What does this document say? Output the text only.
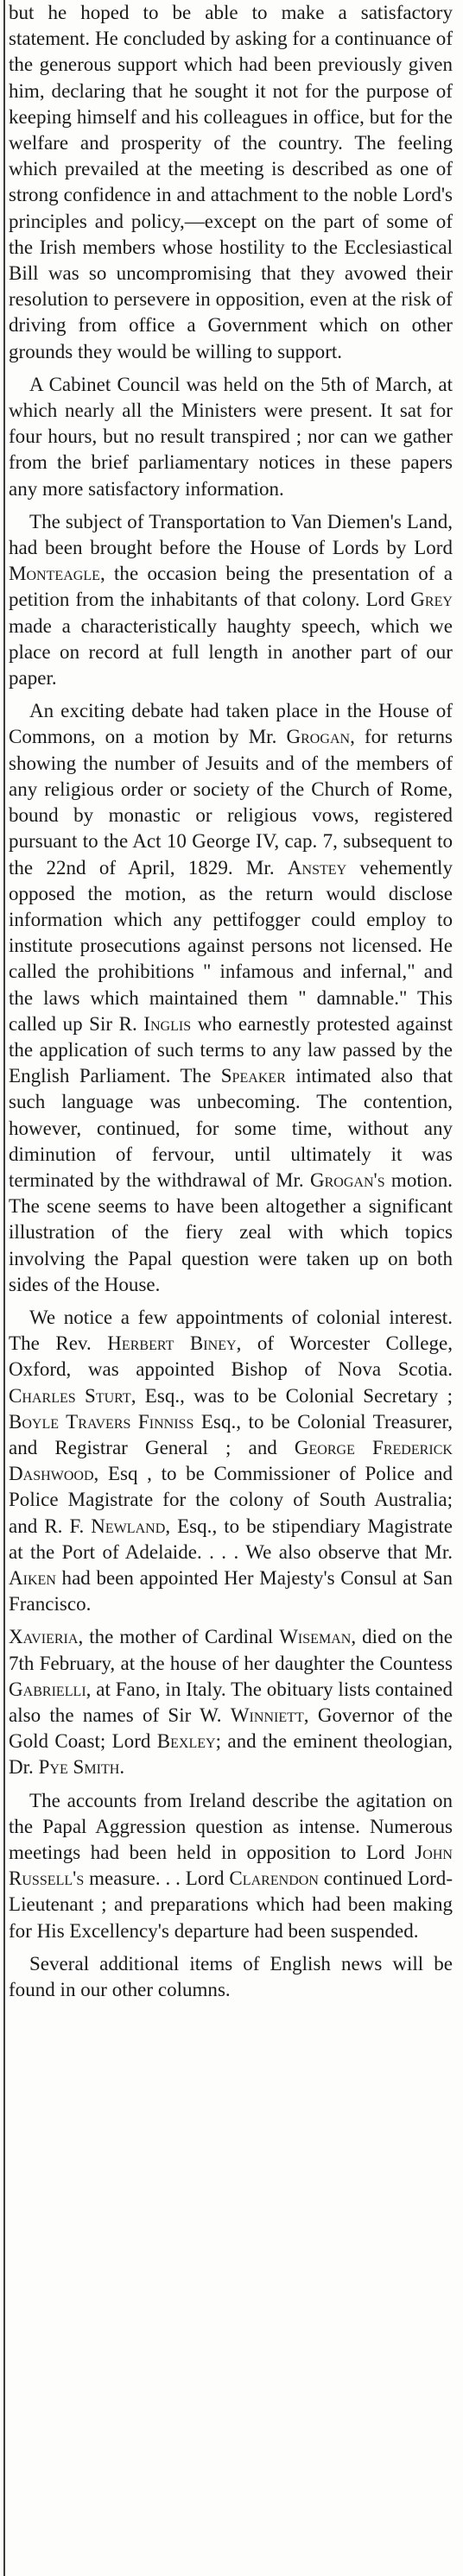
but he hoped to be able to make a satisfactory statement. He concluded by asking for a continuance of the generous support which had been previously given him, declaring that he sought it not for the purpose of keeping himself and his colleagues in office, but for the welfare and prosperity of the country. The feeling which prevailed at the meeting is described as one of strong confidence in and attachment to the noble Lord's principles and policy,—except on the part of some of the Irish members whose hostility to the Ecclesiastical Bill was so uncompromising that they avowed their resolution to persevere in opposition, even at the risk of driving from office a Government which on other grounds they would be willing to support.

A Cabinet Council was held on the 5th of March, at which nearly all the Ministers were present. It sat for four hours, but no result transpired ; nor can we gather from the brief parliamentary notices in these papers any more satisfactory information.

The subject of Transportation to Van Diemen's Land, had been brought before the House of Lords by Lord Monteagle, the occasion being the presentation of a petition from the inhabitants of that colony. Lord Grey made a characteristically haughty speech, which we place on record at full length in another part of our paper.

An exciting debate had taken place in the House of Commons, on a motion by Mr. Grogan, for returns showing the number of Jesuits and of the members of any religious order or society of the Church of Rome, bound by monastic or religious vows, registered pursuant to the Act 10 George IV, cap. 7, subsequent to the 22nd of April, 1829. Mr. Anstey vehemently opposed the motion, as the return would disclose information which any pettifogger could employ to institute prosecutions against persons not licensed. He called the prohibitions " infamous and infernal," and the laws which maintained them " damnable." This called up Sir R. Inglis who earnestly protested against the application of such terms to any law passed by the English Parliament. The Speaker intimated also that such language was unbecoming. The contention, however, continued, for some time, without any diminution of fervour, until ultimately it was terminated by the withdrawal of Mr. Grogan's motion. The scene seems to have been altogether a significant illustration of the fiery zeal with which topics involving the Papal question were taken up on both sides of the House.

We notice a few appointments of colonial interest. The Rev. Herbert Biney, of Worcester College, Oxford, was appointed Bishop of Nova Scotia. Charles Sturt, Esq., was to be Colonial Secretary ; Boyle Travers Finniss Esq., to be Colonial Treasurer, and Registrar General ; and George Frederick Dashwood, Esq , to be Commissioner of Police and Police Magistrate for the colony of South Australia; and R. F. Newland, Esq., to be stipendiary Magistrate at the Port of Adelaide. . . . We also observe that Mr. Aiken had been appointed Her Majesty's Consul at San Francisco.

Xavieria, the mother of Cardinal Wiseman, died on the 7th February, at the house of her daughter the Countess Gabrielli, at Fano, in Italy. The obituary lists contained also the names of Sir W. Winniett, Governor of the Gold Coast; Lord Bexley; and the eminent theologian, Dr. Pye Smith.

The accounts from Ireland describe the agitation on the Papal Aggression question as intense. Numerous meetings had been held in opposition to Lord John Russell's measure. . . Lord Clarendon continued Lord-Lieutenant ; and preparations which had been making for His Excellency's departure had been suspended.

Several additional items of English news will be found in our other columns.
